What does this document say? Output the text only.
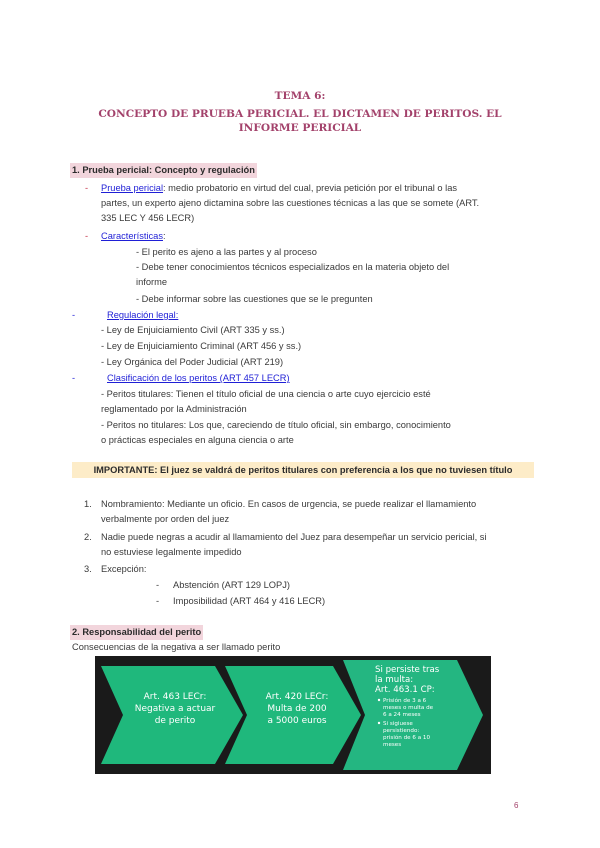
TEMA 6:
CONCEPTO DE PRUEBA PERICIAL. EL DICTAMEN DE PERITOS. EL
INFORME PERICIAL
1. Prueba pericial: Concepto y regulación
- Prueba pericial: medio probatorio en virtud del cual, previa petición por el tribunal o las
partes, un experto ajeno dictamina sobre las cuestiones técnicas a las que se somete (ART.
335 LEC Y 456 LECR)
- Características:
- El perito es ajeno a las partes y al proceso
- Debe tener conocimientos técnicos especializados en la materia objeto del
informe
- Debe informar sobre las cuestiones que se le pregunten
-	Regulación legal:
- Ley de Enjuiciamiento Civil (ART 335 y ss.)
- Ley de Enjuiciamiento Criminal (ART 456 y ss.)
- Ley Orgánica del Poder Judicial (ART 219)
-	Clasificación de los peritos (ART 457 LECR)
- Peritos titulares: Tienen el título oficial de una ciencia o arte cuyo ejercicio esté
reglamentado por la Administración
- Peritos no titulares: Los que, careciendo de título oficial, sin embargo, conocimiento
o prácticas especiales en alguna ciencia o arte
IMPORTANTE: El juez se valdrá de peritos titulares con preferencia a los que no tuviesen título
1. Nombramiento: Mediante un oficio. En casos de urgencia, se puede realizar el llamamiento
verbalmente por orden del juez
2. Nadie puede negras a acudir al llamamiento del Juez para desempeñar un servicio pericial, si
no estuviese legalmente impedido
3. Excepción:
- Abstención (ART 129 LOPJ)
- Imposibilidad (ART 464 y 416 LECR)
2. Responsabilidad del perito
Consecuencias de la negativa a ser llamado perito
Art. 463 LECr:
Negativa a actuar
de perito
Art. 420 LECr:
Multa de 200
a 5000 euros
Si persiste tras
la multa:
Art. 463.1 CP:
Prisión de 3 a 6
meses o multa de
6 a 24 meses
Si sigiuese
persistiendo:
prisión de 6 a 10
meses
6
